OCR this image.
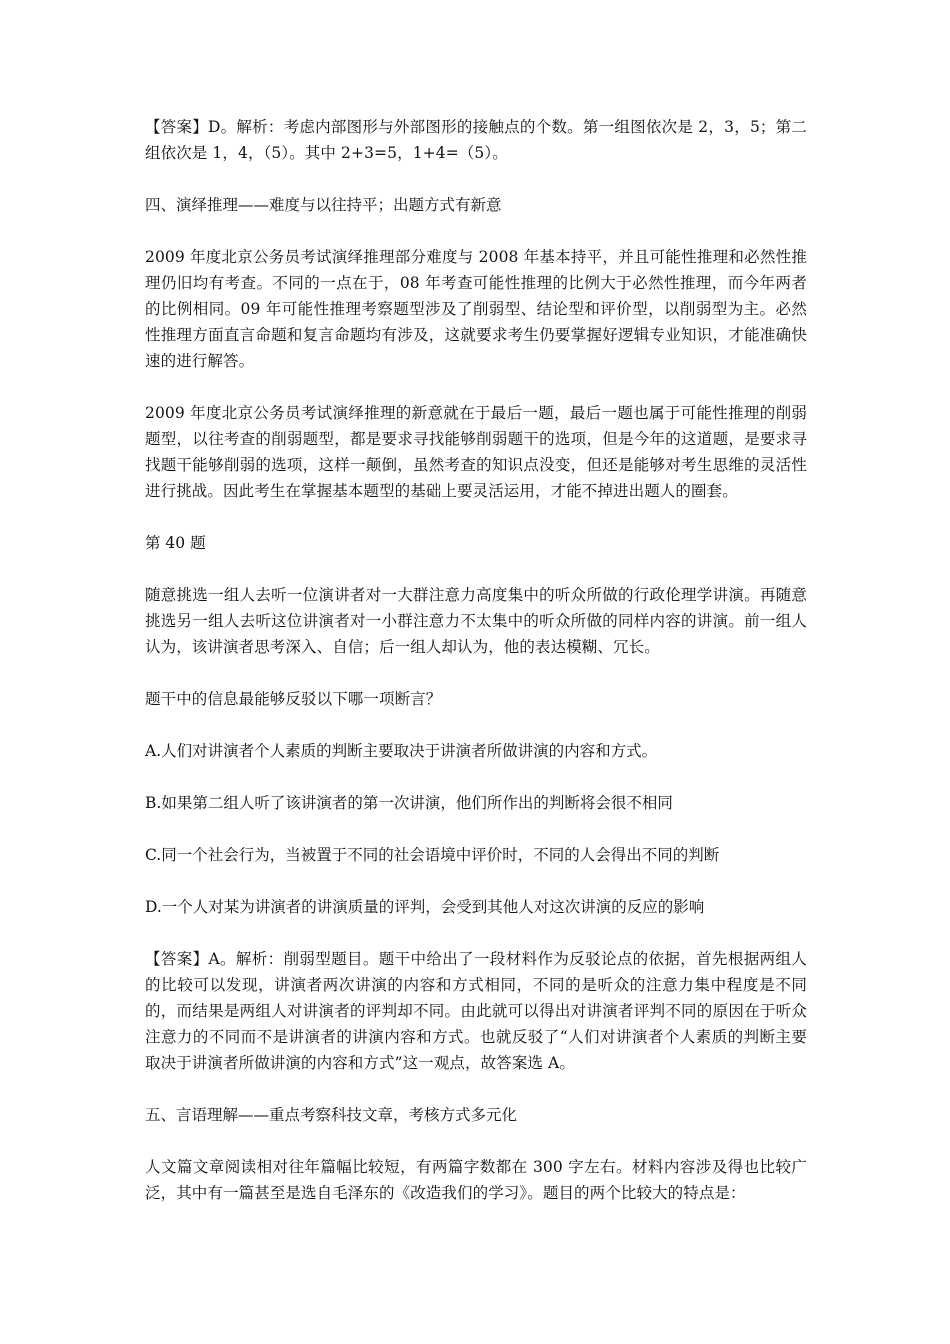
【答案】D。解析：考虑内部图形与外部图形的接触点的个数。第一组图依次是 2，3，5；第二组依次是 1，4，（5）。其中 2+3=5，1+4=（5）。

四、演绎推理——难度与以往持平；出题方式有新意

2009 年度北京公务员考试演绎推理部分难度与 2008 年基本持平，并且可能性推理和必然性推理仍旧均有考查。不同的一点在于，08 年考查可能性推理的比例大于必然性推理，而今年两者的比例相同。09 年可能性推理考察题型涉及了削弱型、结论型和评价型，以削弱型为主。必然性推理方面直言命题和复言命题均有涉及，这就要求考生仍要掌握好逻辑专业知识，才能准确快速的进行解答。

2009 年度北京公务员考试演绎推理的新意就在于最后一题，最后一题也属于可能性推理的削弱题型，以往考查的削弱题型，都是要求寻找能够削弱题干的选项，但是今年的这道题，是要求寻找题干能够削弱的选项，这样一颠倒，虽然考查的知识点没变，但还是能够对考生思维的灵活性进行挑战。因此考生在掌握基本题型的基础上要灵活运用，才能不掉进出题人的圈套。

第 40 题

随意挑选一组人去听一位演讲者对一大群注意力高度集中的听众所做的行政伦理学讲演。再随意挑选另一组人去听这位讲演者对一小群注意力不太集中的听众所做的同样内容的讲演。前一组人认为，该讲演者思考深入、自信；后一组人却认为，他的表达模糊、冗长。

题干中的信息最能够反驳以下哪一项断言？

A.人们对讲演者个人素质的判断主要取决于讲演者所做讲演的内容和方式。

B.如果第二组人听了该讲演者的第一次讲演，他们所作出的判断将会很不相同

C.同一个社会行为，当被置于不同的社会语境中评价时，不同的人会得出不同的判断

D.一个人对某为讲演者的讲演质量的评判，会受到其他人对这次讲演的反应的影响

【答案】A。解析：削弱型题目。题干中给出了一段材料作为反驳论点的依据，首先根据两组人的比较可以发现，讲演者两次讲演的内容和方式相同，不同的是听众的注意力集中程度是不同的，而结果是两组人对讲演者的评判却不同。由此就可以得出对讲演者评判不同的原因在于听众注意力的不同而不是讲演者的讲演内容和方式。也就反驳了“人们对讲演者个人素质的判断主要取决于讲演者所做讲演的内容和方式”这一观点，故答案选 A。

五、言语理解——重点考察科技文章，考核方式多元化

人文篇文章阅读相对往年篇幅比较短，有两篇字数都在 300 字左右。材料内容涉及得也比较广泛，其中有一篇甚至是选自毛泽东的《改造我们的学习》。题目的两个比较大的特点是：
